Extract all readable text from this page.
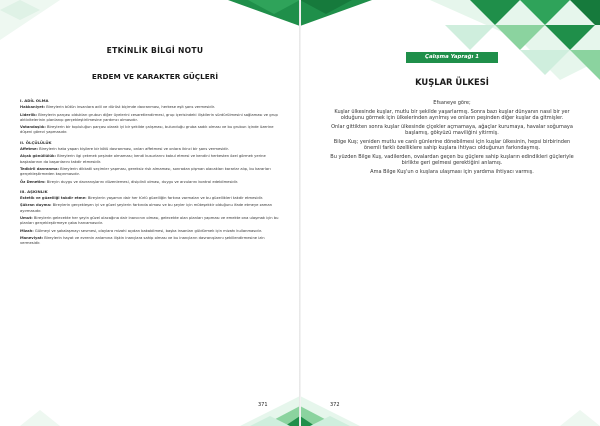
ETKİNLİK BİLGİ NOTU
ERDEM VE KARAKTER GÜÇLERİ
I. ADİL OLMA
Hakkaniyet: Bireylerin bütün insanlara adil ve dürüst biçimde davranması, herkese eşit şans vermesidir.
Liderlik: Bireylerin parçası oldukları grubun diğer üyelerini cesaretlendirmesi, grup içerisindeki ilişkilerin sürdürülmesini sağlaması ve grup aktivitelerinin planlanıp gerçekleştirilmesine yardımcı olmasıdır.
Vatandaşlık: Bireylerin bir topluluğun parçası olarak iyi bir şekilde çalışması, bulunduğu gruba sadık olması ve bu grubun içinde üzerine düşeni görevi yapmasıdır.
II. ÖLÇÜLÜLÜK
Affetme: Bireylerin hata yapan kişilere bir kötü davranması, onları affetmesi ve onlara ikinci bir şans vermesidir.
Alçak gönüllülük: Bireylerin ilgi çekmek peşinde olmaması; kendi kusurlarını kabul etmesi ve kendini herkesten özel görmek yerine başkalarının da başarılarını takdir etmesidir.
Tedbirli davranma: Bireylerin dikkatli seçimler yapması, gereksiz risk almaması, sonradan pişman olacakları kararlar alıp, bu kararları gerçekleştirmeden kaçınmasıdır.
Öz Denetim: Bireyin duygu ve davranışlarını düzenlemesi, disiplinli olması, duygu ve arzularını kontrol edebilmesidir.
III. AŞKINLIK
Estetik ve güzelliği takdir etme: Bireylerin yaşamın dair her türlü güzelliğin farkına varmaları ve bu güzellikleri takdir etmesidir.
Şükran duyma: Bireylerin gerçekleşen iyi ve güzel şeylerin farkında olması ve bu şeyler için müteşekkir olduğunu ifade etmeye zaman ayırmasıdır.
Umut: Bireylerin gelecekte her şeyin güzel olacağına dair inancının olması, gelecekte olan planları yapması ve emekte ona ulaşmak için bu planları gerçekleştirmeye çaba harcamasıdır.
Mizah: Gülmeyi ve şakalaşmayı sevmesi, olaylara mizahi açıdan bakabilmesi, başka insanları güldürmek için mizahı kullanmasıdır.
Maneviyat: Bireylerin hayat ve evrenin anlamına ilişkin inançlara sahip olması ve bu inançların davranışlarını şekillendirmesine izin vermesidir.
371
Çalışma Yaprağı 1
KUŞLAR ÜLKESİ

Efsaneye göre;

Kuşlar ülkesinde kuşlar, mutlu bir şekilde yaşarlarmış. Sonra bazı kuşlar dünyanın nasıl bir yer olduğunu görmek için ülkelerinden ayrılmış ve onların peşinden diğer kuşlar da gitmişler.

Onlar gittikten sonra kuşlar ülkesinde çiçekler açmamaya, ağaçlar kurumaya, havalar soğumaya başlamış, gökyüzü maviliğini yitirmiş.

Bilge Kuş; yeniden mutlu ve canlı günlerine dönebilmesi için kuşlar ülkesinin, hepsi birbirinden önemli farklı özelliklere sahip kuşlara ihtiyacı olduğunun farkındaymış.

Bu yüzden Bilge Kuş, vadilerden, ovalardan geçen bu güçlere sahip kuşların edindikleri güçleriyle birlikte geri gelmesi gerektiğini anlamış.

Ama Bilge Kuş'un o kuşlara ulaşması için yardıma ihtiyacı varmış.

372
